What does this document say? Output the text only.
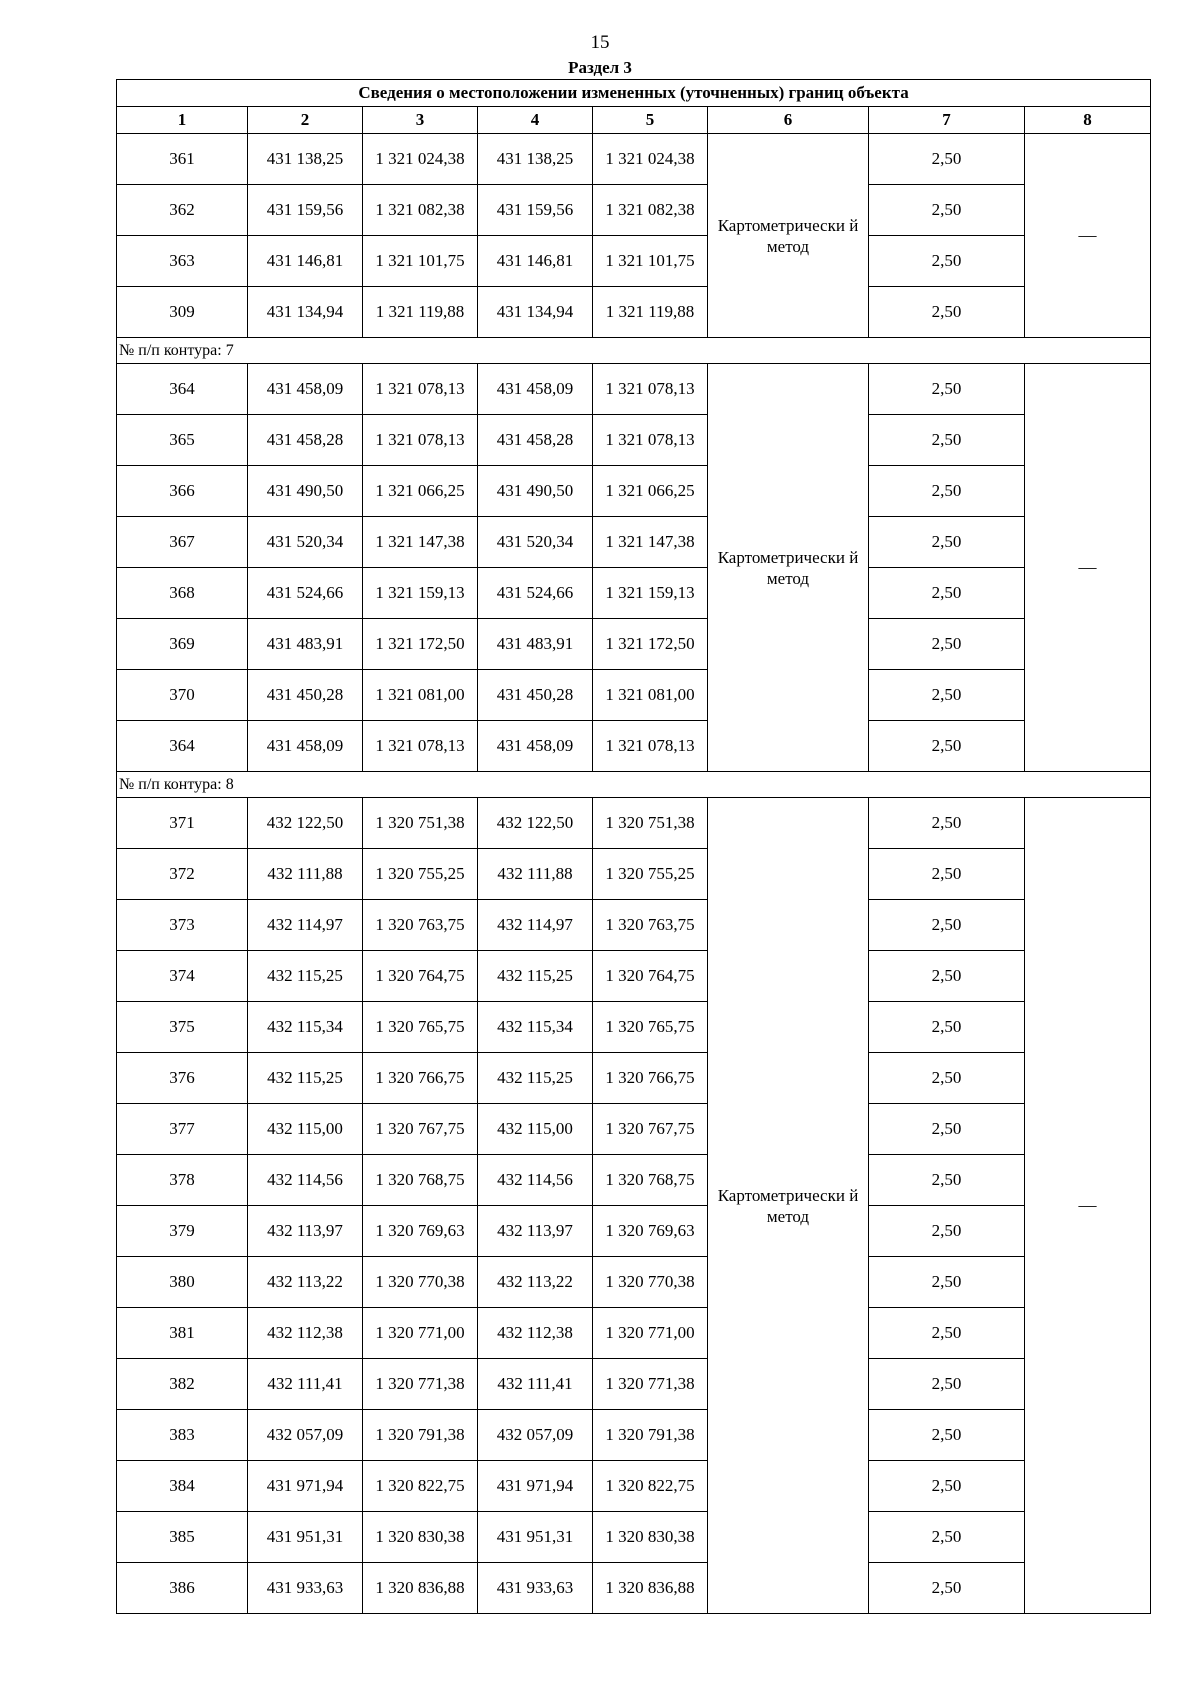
15
Раздел 3
Сведения о местоположении измененных (уточненных) границ объекта							
1	2	3	4	5	6	7	8
361	431 138,25	1 321 024,38	431 138,25	1 321 024,38	Картометрически й метод	2,50	—
362	431 159,56	1 321 082,38	431 159,56	1 321 082,38		2,50	
363	431 146,81	1 321 101,75	431 146,81	1 321 101,75		2,50	
309	431 134,94	1 321 119,88	431 134,94	1 321 119,88		2,50	
№ п/п контура: 7							
364	431 458,09	1 321 078,13	431 458,09	1 321 078,13	Картометрически й метод	2,50	—
365	431 458,28	1 321 078,13	431 458,28	1 321 078,13		2,50	
366	431 490,50	1 321 066,25	431 490,50	1 321 066,25		2,50	
367	431 520,34	1 321 147,38	431 520,34	1 321 147,38		2,50	
368	431 524,66	1 321 159,13	431 524,66	1 321 159,13		2,50	
369	431 483,91	1 321 172,50	431 483,91	1 321 172,50		2,50	
370	431 450,28	1 321 081,00	431 450,28	1 321 081,00		2,50	
364	431 458,09	1 321 078,13	431 458,09	1 321 078,13		2,50	
№ п/п контура: 8							
371	432 122,50	1 320 751,38	432 122,50	1 320 751,38	Картометрически й метод	2,50	—
372	432 111,88	1 320 755,25	432 111,88	1 320 755,25		2,50	
373	432 114,97	1 320 763,75	432 114,97	1 320 763,75		2,50	
374	432 115,25	1 320 764,75	432 115,25	1 320 764,75		2,50	
375	432 115,34	1 320 765,75	432 115,34	1 320 765,75		2,50	
376	432 115,25	1 320 766,75	432 115,25	1 320 766,75		2,50	
377	432 115,00	1 320 767,75	432 115,00	1 320 767,75		2,50	
378	432 114,56	1 320 768,75	432 114,56	1 320 768,75		2,50	
379	432 113,97	1 320 769,63	432 113,97	1 320 769,63		2,50	
380	432 113,22	1 320 770,38	432 113,22	1 320 770,38		2,50	
381	432 112,38	1 320 771,00	432 112,38	1 320 771,00		2,50	
382	432 111,41	1 320 771,38	432 111,41	1 320 771,38		2,50	
383	432 057,09	1 320 791,38	432 057,09	1 320 791,38		2,50	
384	431 971,94	1 320 822,75	431 971,94	1 320 822,75		2,50	
385	431 951,31	1 320 830,38	431 951,31	1 320 830,38		2,50	
386	431 933,63	1 320 836,88	431 933,63	1 320 836,88		2,50	
